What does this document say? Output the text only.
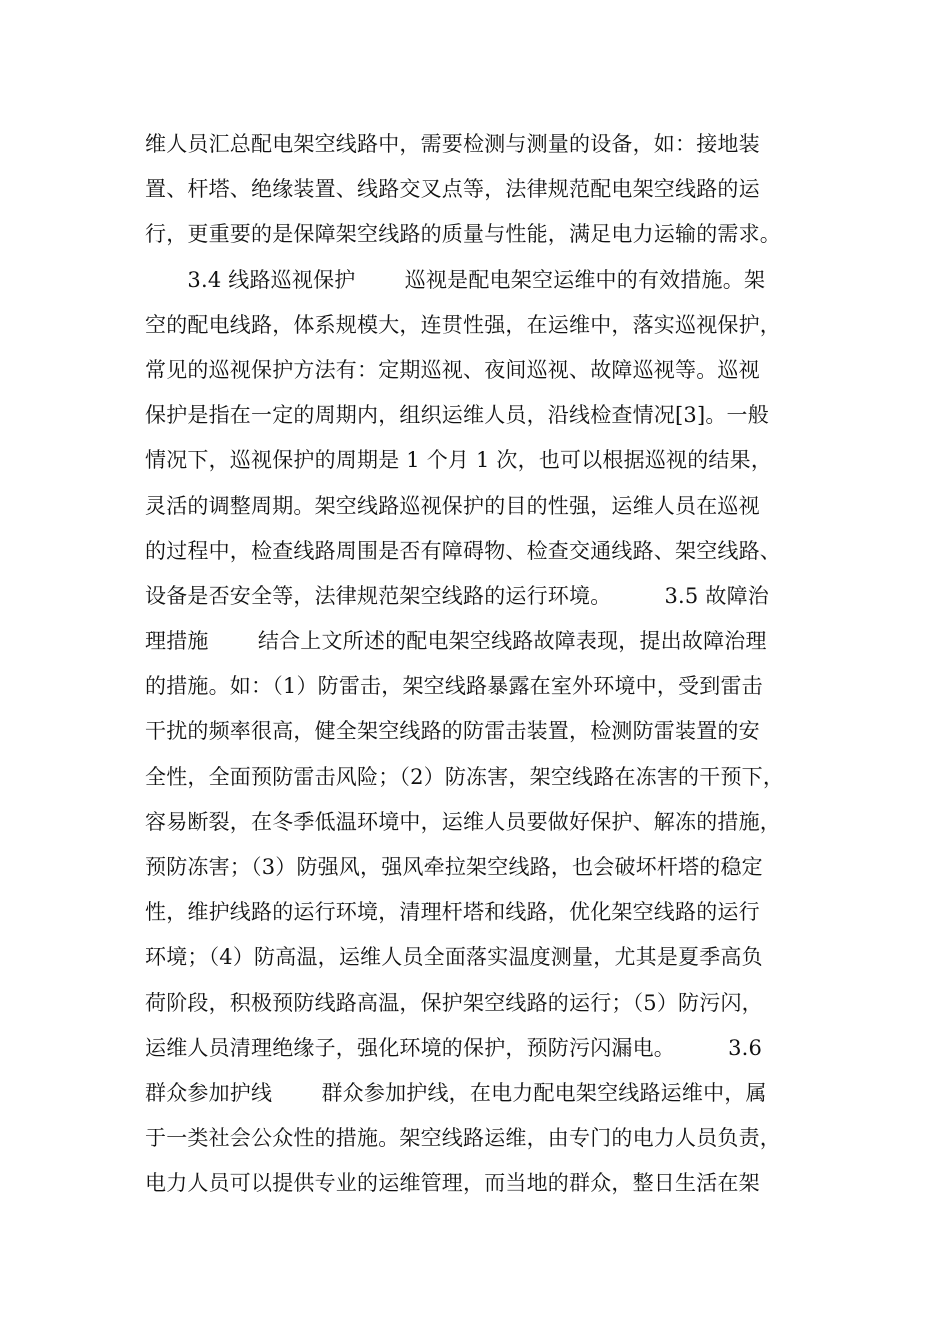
维人员汇总配电架空线路中，需要检测与测量的设备，如：接地装
置、杆塔、绝缘装置、线路交叉点等，法律规范配电架空线路的运
行，更重要的是保障架空线路的质量与性能，满足电力运输的需求。
　　3.4 线路巡视保护　　 巡视是配电架空运维中的有效措施。架
空的配电线路，体系规模大，连贯性强，在运维中，落实巡视保护，
常见的巡视保护方法有：定期巡视、夜间巡视、故障巡视等。巡视
保护是指在一定的周期内，组织运维人员，沿线检查情况[3]。一般
情况下，巡视保护的周期是 1 个月 1 次，也可以根据巡视的结果，
灵活的调整周期。架空线路巡视保护的目的性强，运维人员在巡视
的过程中，检查线路周围是否有障碍物、检查交通线路、架空线路、
设备是否安全等，法律规范架空线路的运行环境。　　　3.5 故障治
理措施　　 结合上文所述的配电架空线路故障表现，提出故障治理
的措施。如：（1）防雷击，架空线路暴露在室外环境中，受到雷击
干扰的频率很高，健全架空线路的防雷击装置，检测防雷装置的安
全性，全面预防雷击风险；（2）防冻害，架空线路在冻害的干预下，
容易断裂，在冬季低温环境中，运维人员要做好保护、解冻的措施，
预防冻害；（3）防强风，强风牵拉架空线路，也会破坏杆塔的稳定
性，维护线路的运行环境，清理杆塔和线路，优化架空线路的运行
环境；（4）防高温，运维人员全面落实温度测量，尤其是夏季高负
荷阶段，积极预防线路高温，保护架空线路的运行；（5）防污闪，
运维人员清理绝缘子，强化环境的保护，预防污闪漏电。　　　3.6
群众参加护线　　 群众参加护线，在电力配电架空线路运维中，属
于一类社会公众性的措施。架空线路运维，由专门的电力人员负责，
电力人员可以提供专业的运维管理，而当地的群众，整日生活在架
